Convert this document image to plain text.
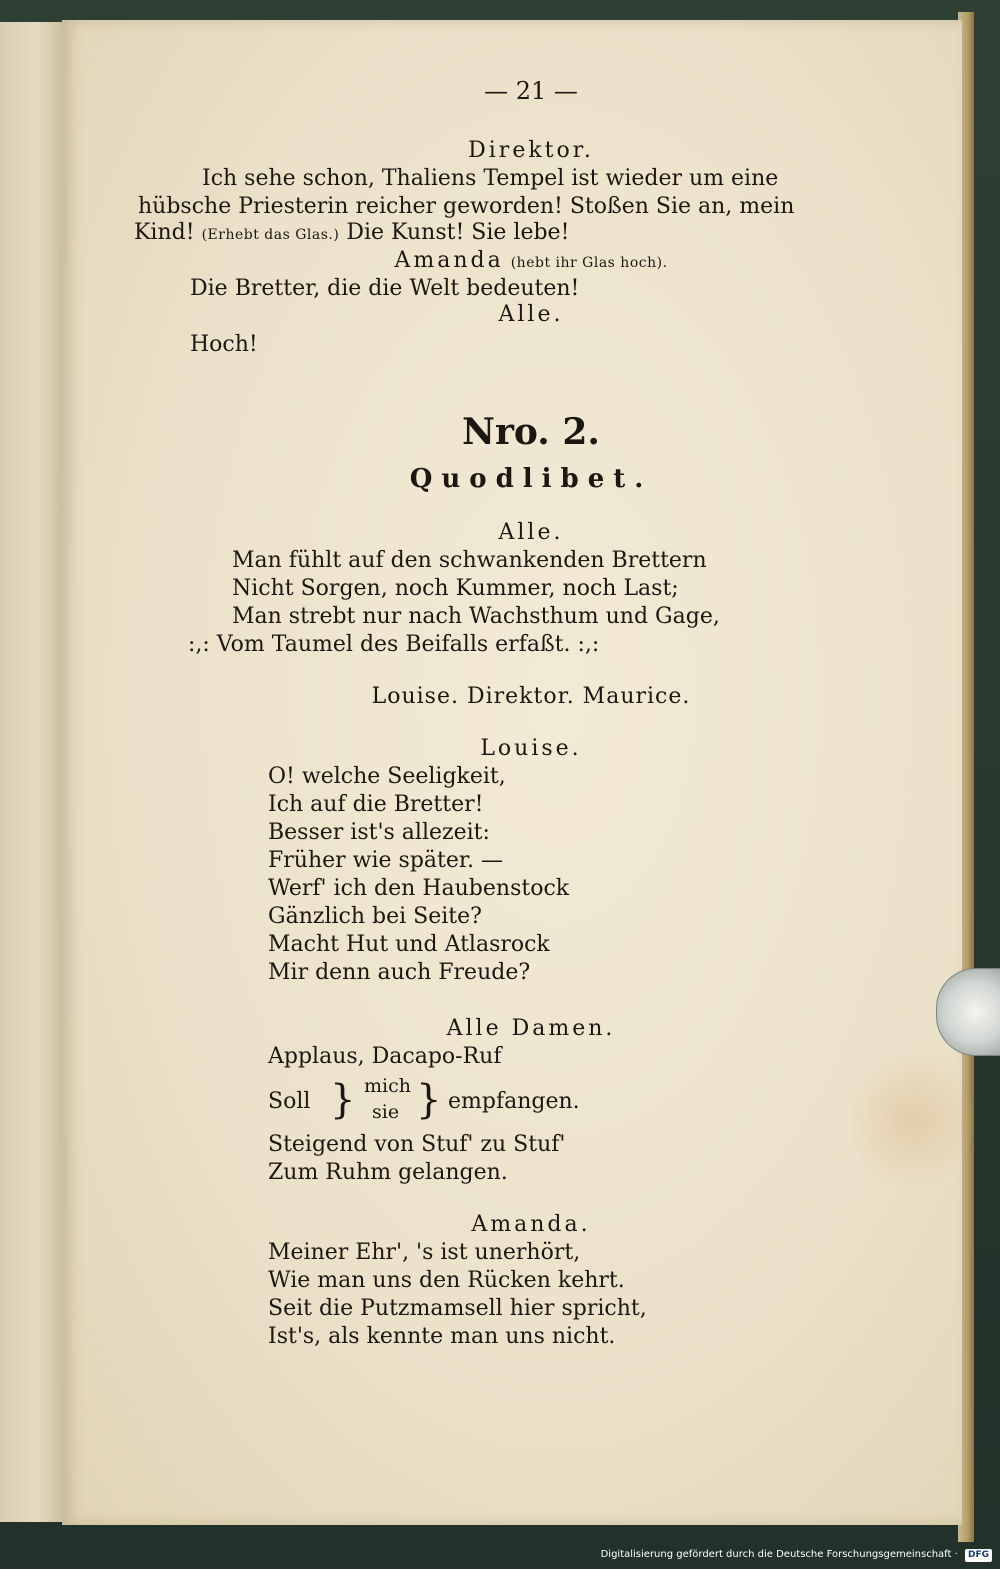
— 21 —

Direktor.

Ich sehe schon, Thaliens Tempel ist wieder um eine

hübsche Priesterin reicher geworden! Stoßen Sie an, mein

Kind! (Erhebt das Glas.) Die Kunst! Sie lebe!
Amanda (hebt ihr Glas hoch).

Die Bretter, die die Welt bedeuten!

Alle.

Hoch!

Nro. 2.

Quodlibet.

Alle.

Man fühlt auf den schwankenden Brettern

Nicht Sorgen, noch Kummer, noch Last;

Man strebt nur nach Wachsthum und Gage,

:,: Vom Taumel des Beifalls erfaßt. :,:

Louise. Direktor. Maurice.

Louise.

O! welche Seeligkeit,

Ich auf die Bretter!

Besser ist's allezeit:

Früher wie später. —

Werf' ich den Haubenstock

Gänzlich bei Seite?

Macht Hut und Atlasrock

Mir denn auch Freude?

Alle Damen.

Applaus, Dacapo-Ruf

Soll } mich
sie } empfangen.

Steigend von Stuf' zu Stuf'

Zum Ruhm gelangen.

Amanda.

Meiner Ehr', 's ist unerhört,

Wie man uns den Rücken kehrt.

Seit die Putzmamsell hier spricht,

Ist's, als kennte man uns nicht.

Digitalisierung gefördert durch die Deutsche Forschungsgemeinschaft · DFG
